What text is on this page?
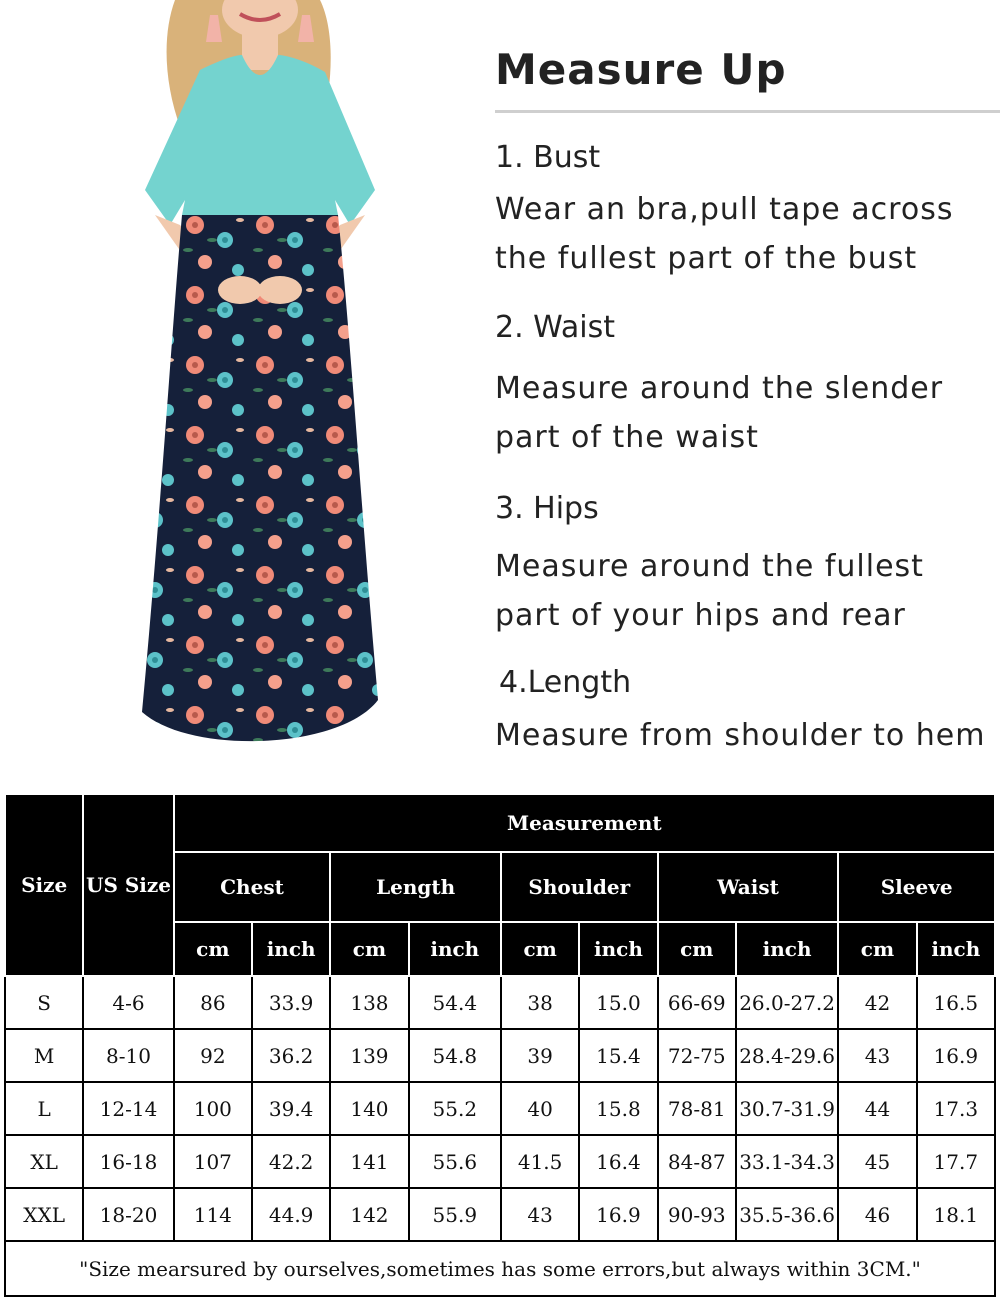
Measure Up
1. Bust
Wear an bra,pull tape across
the fullest part of the bust
2. Waist
Measure around the slender
part of the waist
3. Hips
Measure around the fullest
part of your hips and rear
4.Length
Measure from shoulder to hem
Size	US Size	Measurement									
		Chest		Length		Shoulder		Waist		Sleeve	
		cm	inch	cm	inch	cm	inch	cm	inch	cm	inch
S	4-6	86	33.9	138	54.4	38	15.0	66-69	26.0-27.2	42	16.5
M	8-10	92	36.2	139	54.8	39	15.4	72-75	28.4-29.6	43	16.9
L	12-14	100	39.4	140	55.2	40	15.8	78-81	30.7-31.9	44	17.3
XL	16-18	107	42.2	141	55.6	41.5	16.4	84-87	33.1-34.3	45	17.7
XXL	18-20	114	44.9	142	55.9	43	16.9	90-93	35.5-36.6	46	18.1
"Size mearsured by ourselves,sometimes has some errors,but always within 3CM."											
